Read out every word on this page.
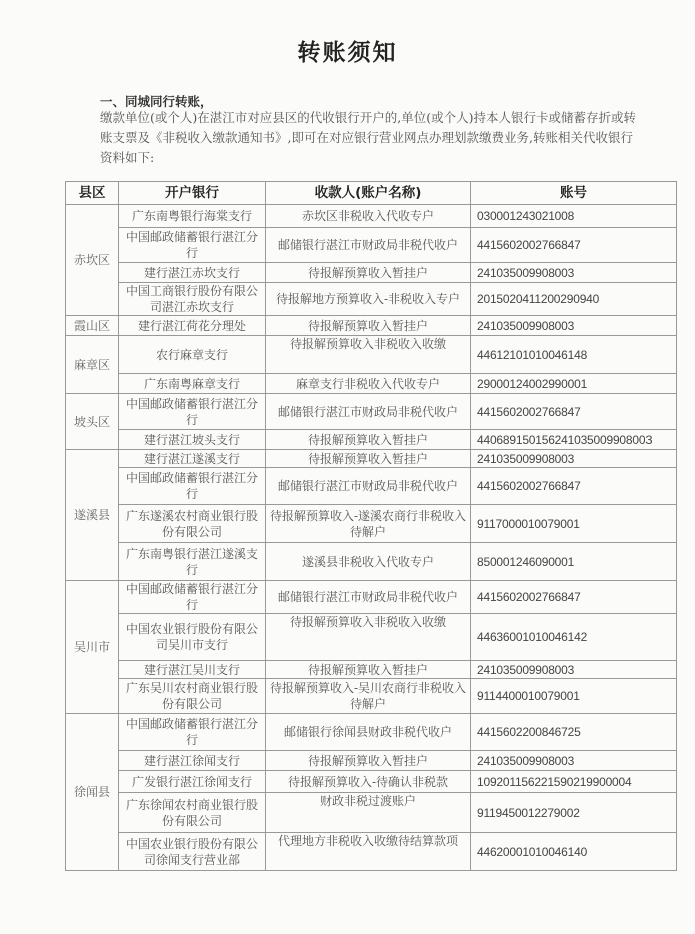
转账须知
一、同城同行转账，
缴款单位(或个人)在湛江市对应县区的代收银行开户的,单位(或个人)持本人银行卡或储蓄存折或转账支票及《非税收入缴款通知书》,即可在对应银行营业网点办理划款缴费业务,转账相关代收银行资料如下:
县区	开户银行	收款人(账户名称)	账号
赤坎区	广东南粤银行海棠支行	赤坎区非税收入代收专户	030001243021008
	中国邮政储蓄银行湛江分行	邮储银行湛江市财政局非税代收户	4415602002766847
	建行湛江赤坎支行	待报解预算收入暂挂户	241035009908003
	中国工商银行股份有限公司湛江赤坎支行	待报解地方预算收入-非税收入专户	2015020411200290940
霞山区	建行湛江荷花分理处	待报解预算收入暂挂户	241035009908003
麻章区	农行麻章支行	待报解预算收入非税收入收缴	44612101010046148
	广东南粤麻章支行	麻章支行非税收入代收专户	29000124002990001
坡头区	中国邮政储蓄银行湛江分行	邮储银行湛江市财政局非税代收户	4415602002766847
	建行湛江坡头支行	待报解预算收入暂挂户	44068915015624103500990800З
遂溪县	建行湛江遂溪支行	待报解预算收入暂挂户	241035009908003
	中国邮政储蓄银行湛江分行	邮储银行湛江市财政局非税代收户	4415602002766847
	广东遂溪农村商业银行股份有限公司	待报解预算收入-遂溪农商行非税收入待解户	9117000010079001
	广东南粤银行湛江遂溪支行	遂溪县非税收入代收专户	850001246090001
吴川市	中国邮政储蓄银行湛江分行	邮储银行湛江市财政局非税代收户	4415602002766847
	中国农业银行股份有限公司吴川市支行	待报解预算收入非税收入收缴	44636001010046142
	建行湛江吴川支行	待报解预算收入暂挂户	241035009908003
	广东吴川农村商业银行股份有限公司	待报解预算收入-吴川农商行非税收入待解户	9114400010079001
徐闻县	中国邮政储蓄银行湛江分行	邮储银行徐闻县财政非税代收户	4415602200846725
	建行湛江徐闻支行	待报解预算收入暂挂户	241035009908003
	广发银行湛江徐闻支行	待报解预算收入-待确认非税款	109201156221590219900004
	广东徐闻农村商业银行股份有限公司	财政非税过渡账户	9119450012279002
	中国农业银行股份有限公司徐闻支行营业部	代理地方非税收入收缴待结算款项	44620001010046140
